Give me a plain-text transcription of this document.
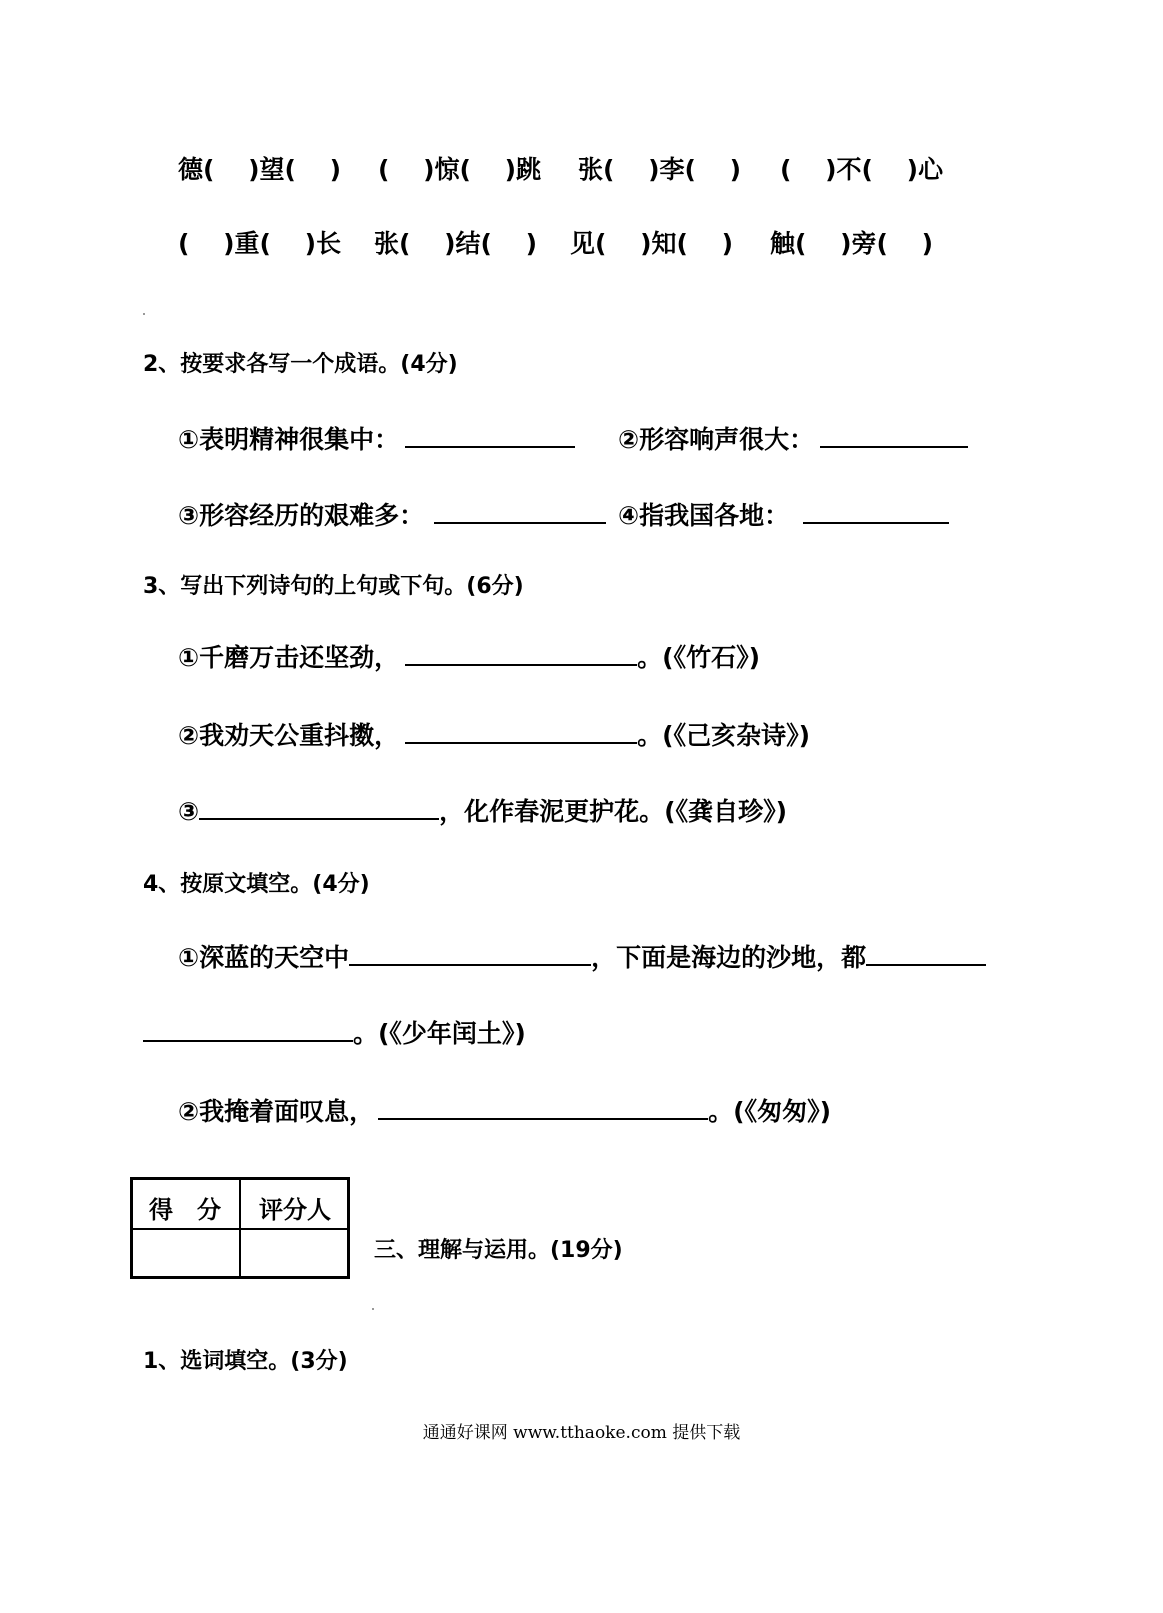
德(　 )望(　 ) (　 )惊(　 )跳 张(　 )李(　 ) (　 )不(　 )心
(　 )重(　 )长 张(　 )结(　 ) 见(　 )知(　 ) 触(　 )旁(　 )
2、按要求各写一个成语。(4分)
①表明精神很集中：	②形容响声很大：
③形容经历的艰难多：	④指我国各地：
3、写出下列诗句的上句或下句。(6分)
①千磨万击还坚劲，	。(《竹石》)
②我劝天公重抖擞，	。(《己亥杂诗》)
③	，化作春泥更护花。(《龚自珍》)
4、按原文填空。(4分)
①深蓝的天空中	，下面是海边的沙地，都
。(《少年闰土》)
②我掩着面叹息，	。(《匆匆》)
得　分 评分人
三、理解与运用。(19分)
1、选词填空。(3分)
通通好课网 www.tthaoke.com 提供下载
